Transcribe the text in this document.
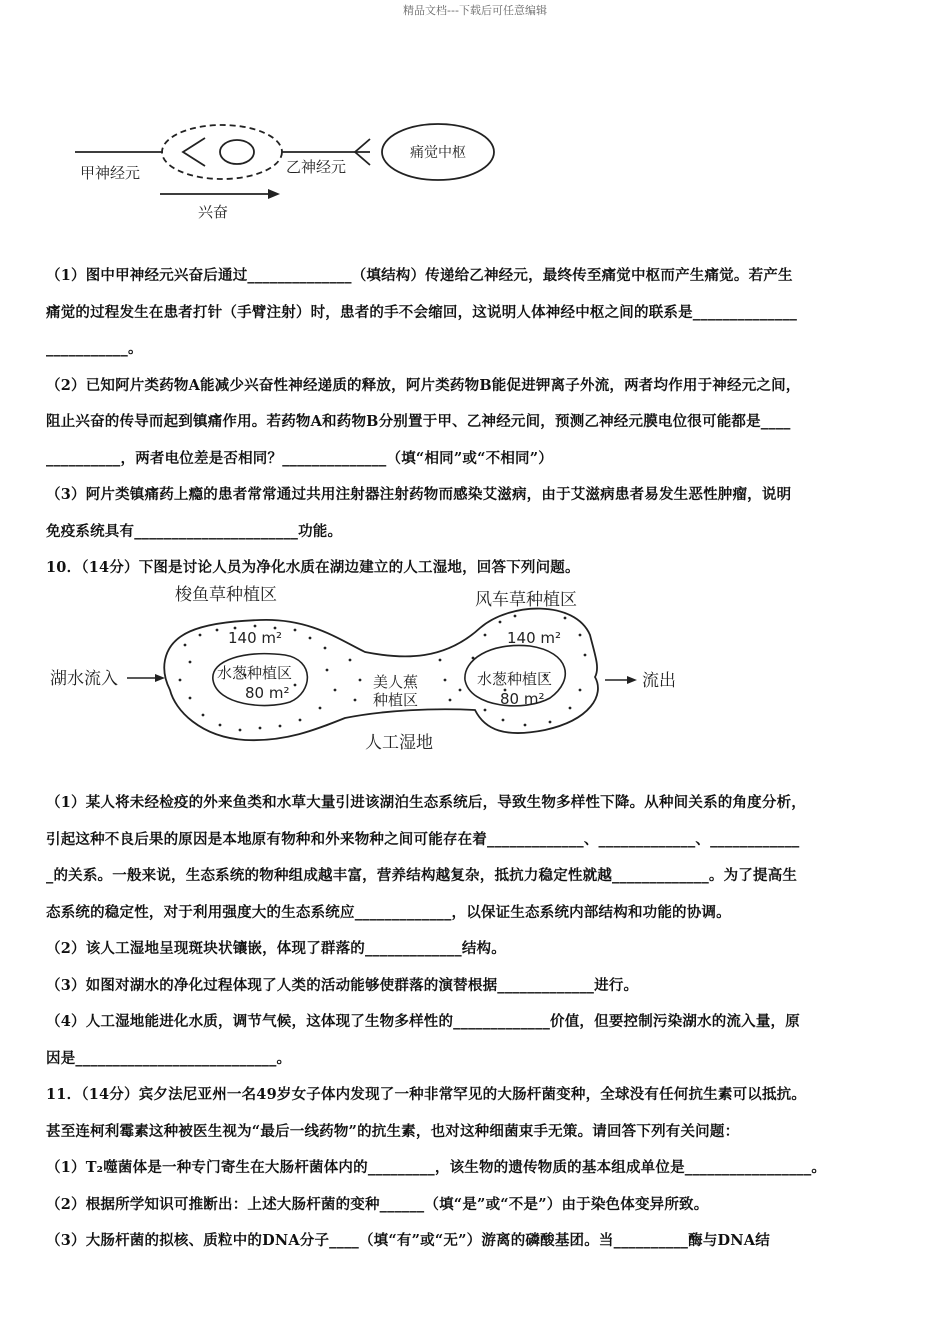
精品文档---下载后可任意编辑
痛觉中枢
甲神经元	乙神经元
兴奋
梭鱼草种植区	风车草种植区
140 m²	140 m²
水葱种植区	水葱种植区
80 m²	80 m²
美人蕉
种植区
湖水流入	流出
人工湿地
（1）图中甲神经元兴奋后通过______________（填结构）传递给乙神经元，最终传至痛觉中枢而产生痛觉。若产生
痛觉的过程发生在患者打针（手臂注射）时，患者的手不会缩回，这说明人体神经中枢之间的联系是______________
___________。
（2）已知阿片类药物A能减少兴奋性神经递质的释放，阿片类药物B能促进钾离子外流，两者均作用于神经元之间，
阻止兴奋的传导而起到镇痛作用。若药物A和药物B分别置于甲、乙神经元间，预测乙神经元膜电位很可能都是____
__________，两者电位差是否相同？______________（填“相同”或“不相同”）
（3）阿片类镇痛药上瘾的患者常常通过共用注射器注射药物而感染艾滋病，由于艾滋病患者易发生恶性肿瘤，说明
免疫系统具有______________________功能。
10．（14分）下图是讨论人员为净化水质在湖边建立的人工湿地，回答下列问题。
（1）某人将未经检疫的外来鱼类和水草大量引进该湖泊生态系统后，导致生物多样性下降。从种间关系的角度分析，
引起这种不良后果的原因是本地原有物种和外来物种之间可能存在着_____________、_____________、____________
_的关系。一般来说，生态系统的物种组成越丰富，营养结构越复杂，抵抗力稳定性就越_____________。为了提高生
态系统的稳定性，对于利用强度大的生态系统应_____________，以保证生态系统内部结构和功能的协调。
（2）该人工湿地呈现斑块状镶嵌，体现了群落的_____________结构。
（3）如图对湖水的净化过程体现了人类的活动能够使群落的演替根据_____________进行。
（4）人工湿地能进化水质，调节气候，这体现了生物多样性的_____________价值，但要控制污染湖水的流入量，原
因是___________________________。
11．（14分）宾夕法尼亚州一名49岁女子体内发现了一种非常罕见的大肠杆菌变种，全球没有任何抗生素可以抵抗。
甚至连柯利霉素这种被医生视为“最后一线药物”的抗生素，也对这种细菌束手无策。请回答下列有关问题：
（1）T₂噬菌体是一种专门寄生在大肠杆菌体内的_________，该生物的遗传物质的基本组成单位是_________________。
（2）根据所学知识可推断出：上述大肠杆菌的变种______（填“是”或“不是”）由于染色体变异所致。
（3）大肠杆菌的拟核、质粒中的DNA分子____（填“有”或“无”）游离的磷酸基团。当__________酶与DNA结
